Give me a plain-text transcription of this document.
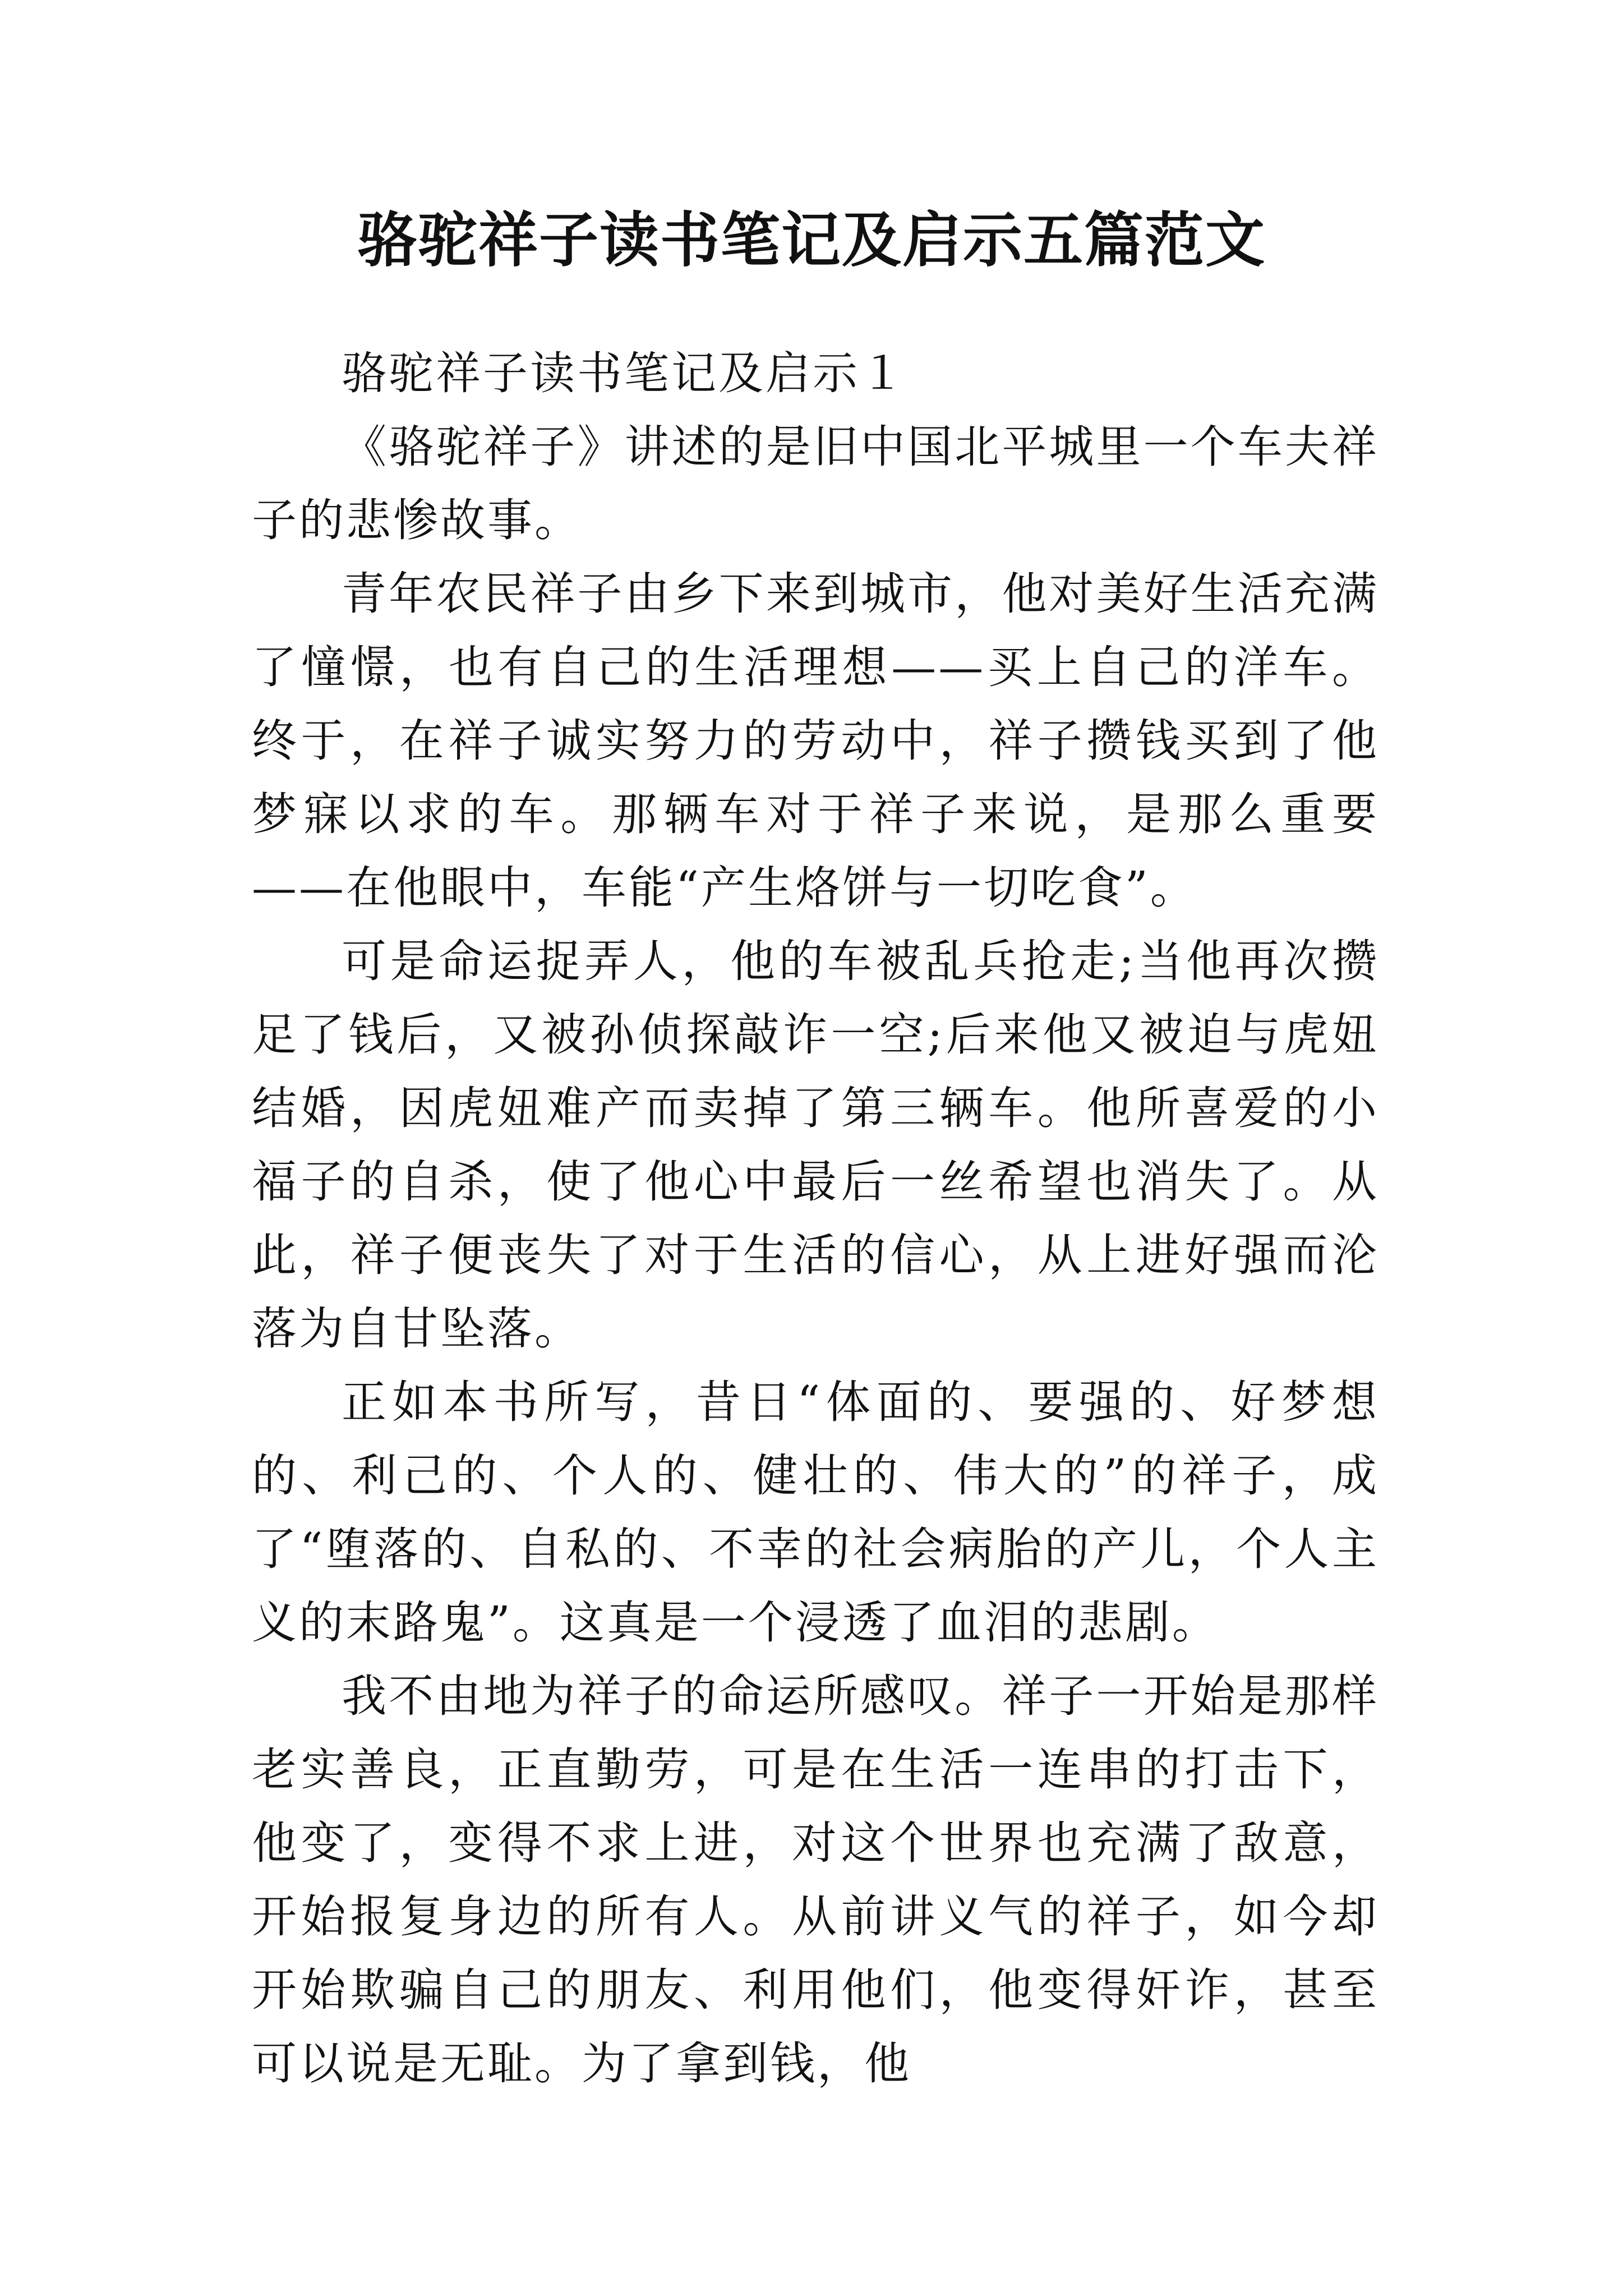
骆驼祥子读书笔记及启示五篇范文

骆驼祥子读书笔记及启示１

《骆驼祥子》讲述的是旧中国北平城里一个车夫祥子的悲惨故事。

青年农民祥子由乡下来到城市，他对美好生活充满了憧憬，也有自己的生活理想——买上自己的洋车。终于，在祥子诚实努力的劳动中，祥子攒钱买到了他梦寐以求的车。那辆车对于祥子来说，是那么重要——在他眼中，车能“产生烙饼与一切吃食”。

可是命运捉弄人，他的车被乱兵抢走;当他再次攒足了钱后，又被孙侦探敲诈一空;后来他又被迫与虎妞结婚，因虎妞难产而卖掉了第三辆车。他所喜爱的小福子的自杀，使了他心中最后一丝希望也消失了。从此，祥子便丧失了对于生活的信心，从上进好强而沦落为自甘坠落。

正如本书所写，昔日“体面的、要强的、好梦想的、利己的、个人的、健壮的、伟大的”的祥子，成了“堕落的、自私的、不幸的社会病胎的产儿，个人主义的末路鬼”。这真是一个浸透了血泪的悲剧。

我不由地为祥子的命运所感叹。祥子一开始是那样老实善良，正直勤劳，可是在生活一连串的打击下，他变了，变得不求上进，对这个世界也充满了敌意，开始报复身边的所有人。从前讲义气的祥子，如今却开始欺骗自己的朋友、利用他们，他变得奸诈，甚至可以说是无耻。为了拿到钱，他
